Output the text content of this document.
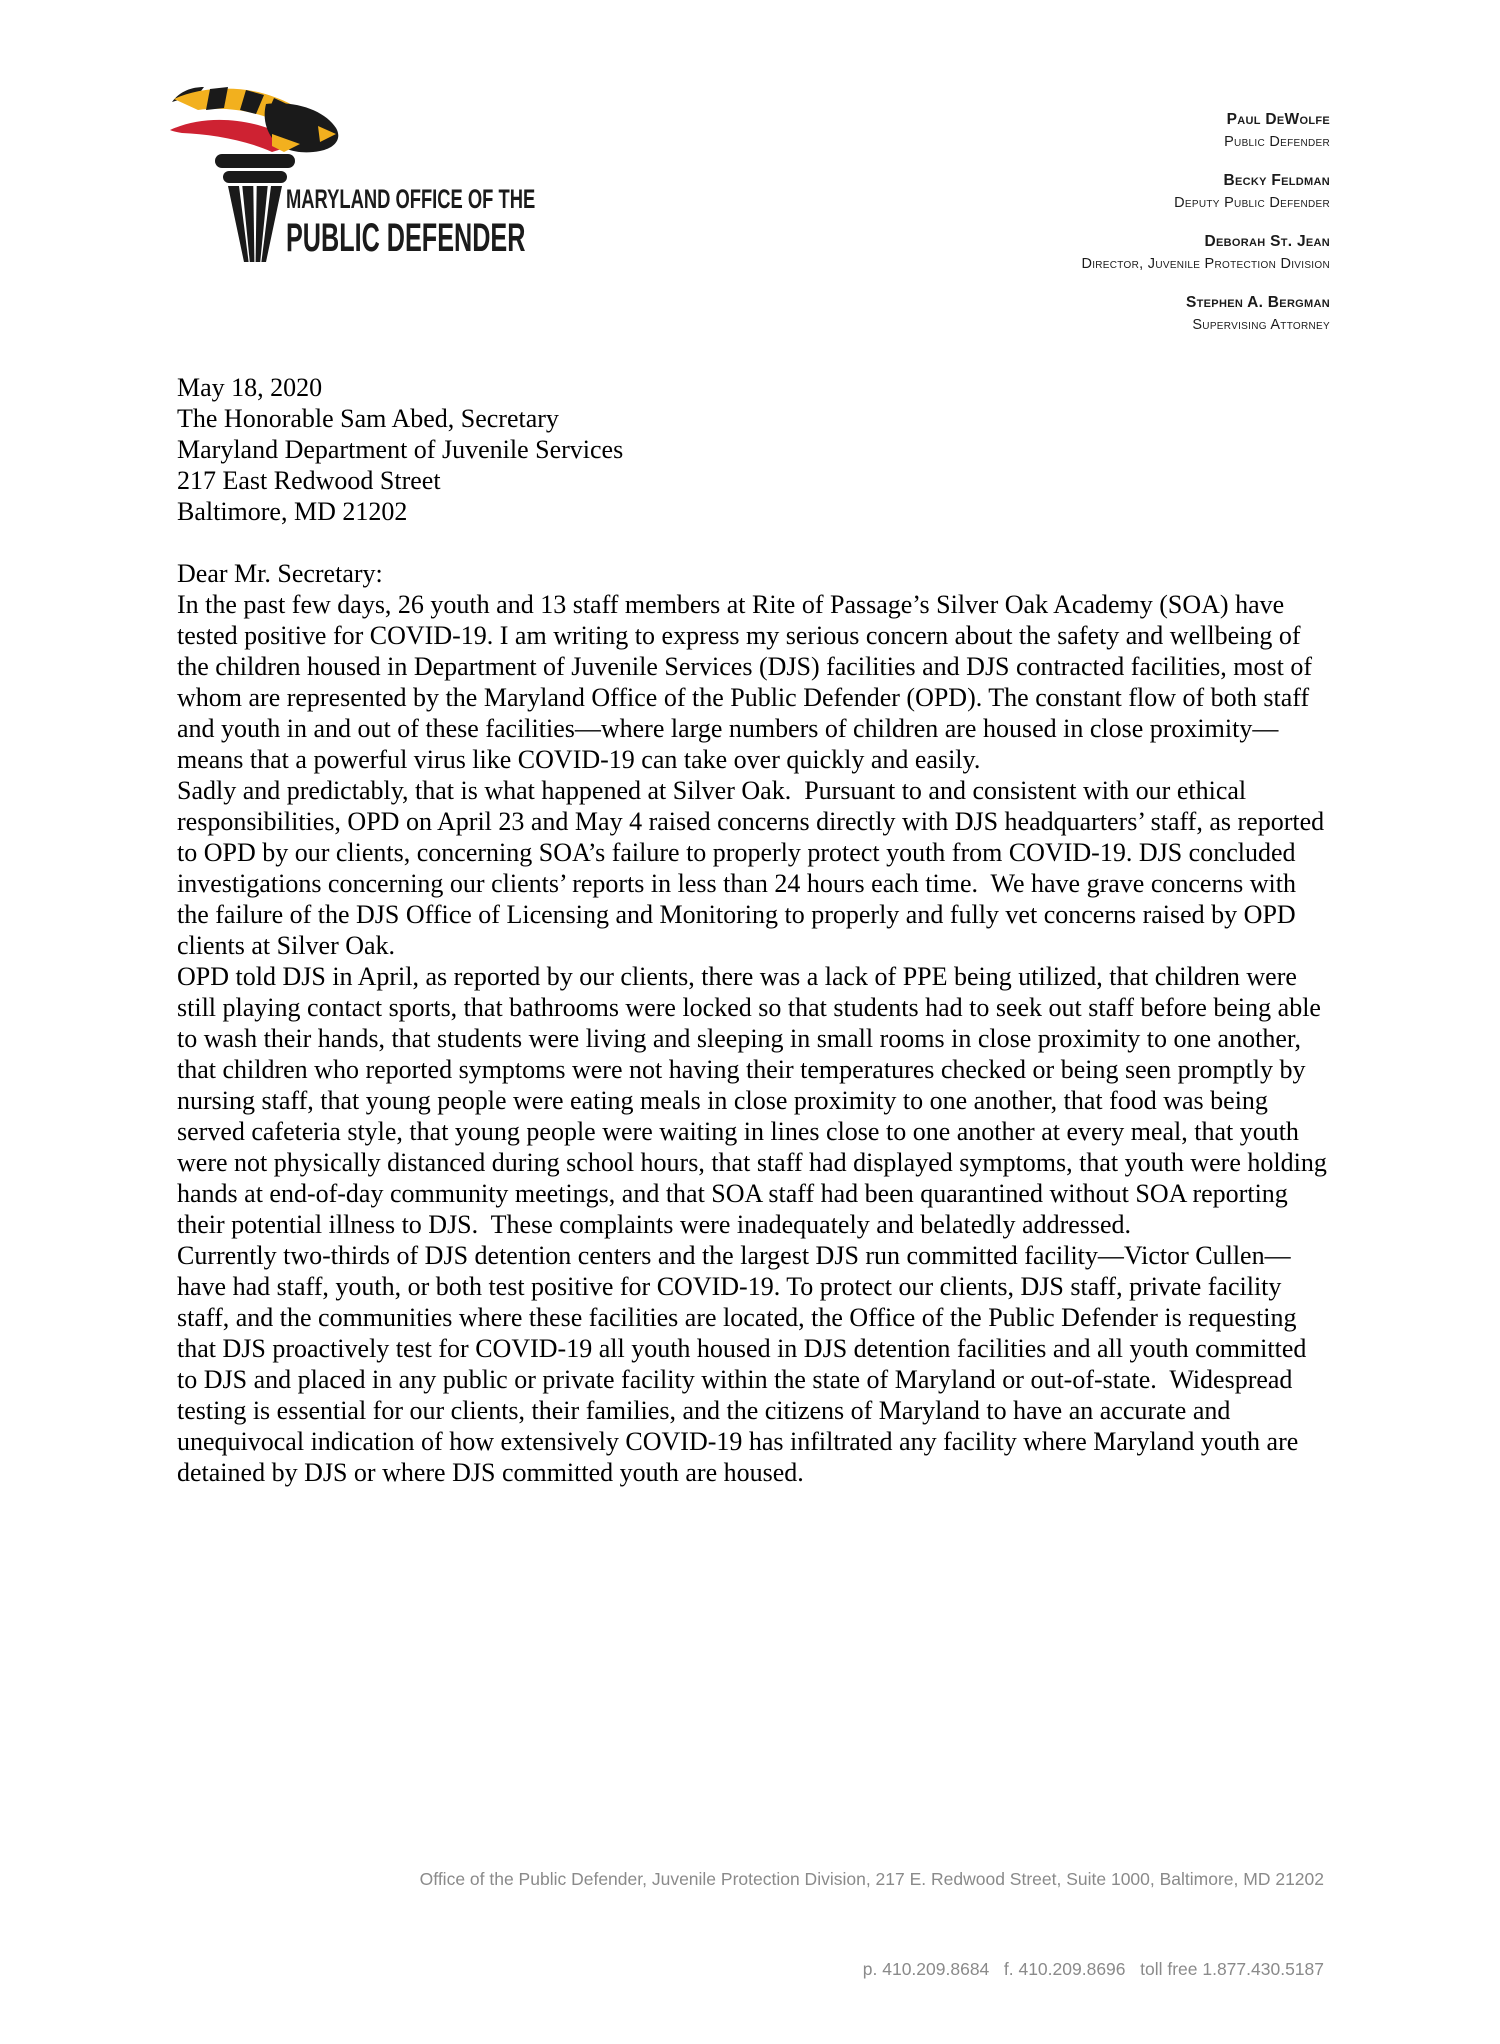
MARYLAND OFFICE OF THE
PUBLIC DEFENDER
Paul DeWolfe
Public Defender
Becky Feldman
Deputy Public Defender
Deborah St. Jean
Director, Juvenile Protection Division
Stephen A. Bergman
Supervising Attorney

May 18, 2020

The Honorable Sam Abed, Secretary
Maryland Department of Juvenile Services
217 East Redwood Street
Baltimore, MD 21202

Dear Mr. Secretary:

In the past few days, 26 youth and 13 staff members at Rite of Passage’s Silver Oak Academy (SOA) have tested positive for COVID-19. I am writing to express my serious concern about the safety and wellbeing of the children housed in Department of Juvenile Services (DJS) facilities and DJS contracted facilities, most of whom are represented by the Maryland Office of the Public Defender (OPD). The constant flow of both staff and youth in and out of these facilities—where large numbers of children are housed in close proximity—means that a powerful virus like COVID-19 can take over quickly and easily.

Sadly and predictably, that is what happened at Silver Oak.  Pursuant to and consistent with our ethical responsibilities, OPD on April 23 and May 4 raised concerns directly with DJS headquarters’ staff, as reported to OPD by our clients, concerning SOA’s failure to properly protect youth from COVID-19. DJS concluded investigations concerning our clients’ reports in less than 24 hours each time.  We have grave concerns with the failure of the DJS Office of Licensing and Monitoring to properly and fully vet concerns raised by OPD clients at Silver Oak.

OPD told DJS in April, as reported by our clients, there was a lack of PPE being utilized, that children were still playing contact sports, that bathrooms were locked so that students had to seek out staff before being able to wash their hands, that students were living and sleeping in small rooms in close proximity to one another, that children who reported symptoms were not having their temperatures checked or being seen promptly by nursing staff, that young people were eating meals in close proximity to one another, that food was being served cafeteria style, that young people were waiting in lines close to one another at every meal, that youth were not physically distanced during school hours, that staff had displayed symptoms, that youth were holding hands at end-of-day community meetings, and that SOA staff had been quarantined without SOA reporting their potential illness to DJS.  These complaints were inadequately and belatedly addressed.

Currently two-thirds of DJS detention centers and the largest DJS run committed facility—Victor Cullen—have had staff, youth, or both test positive for COVID-19. To protect our clients, DJS staff, private facility staff, and the communities where these facilities are located, the Office of the Public Defender is requesting that DJS proactively test for COVID-19 all youth housed in DJS detention facilities and all youth committed to DJS and placed in any public or private facility within the state of Maryland or out-of-state.  Widespread testing is essential for our clients, their families, and the citizens of Maryland to have an accurate and unequivocal indication of how extensively COVID-19 has infiltrated any facility where Maryland youth are detained by DJS or where DJS committed youth are housed.

Office of the Public Defender, Juvenile Protection Division, 217 E. Redwood Street, Suite 1000, Baltimore, MD 21202

p. 410.209.8684   f. 410.209.8696   toll free 1.877.430.5187
